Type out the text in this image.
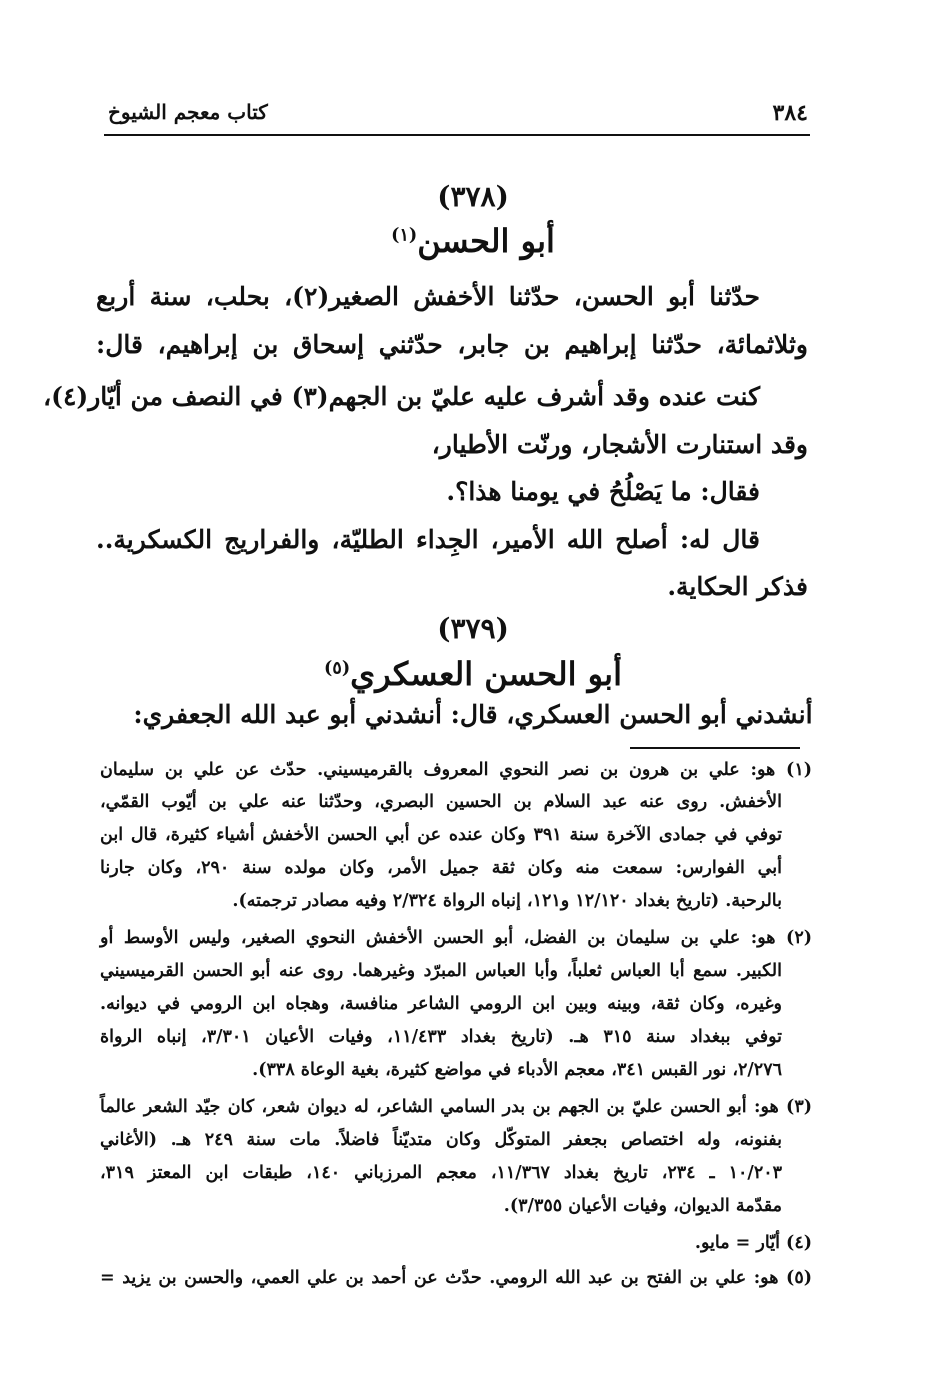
٣٨٤
كتاب معجم الشيوخ
(٣٧٨)
أبو الحسن$^{(١)}$
حدّثنا أبو الحسن، حدّثنا الأخفش الصغير(٢)، بحلب، سنة أربع
وثلاثمائة، حدّثنا إبراهيم بن جابر، حدّثني إسحاق بن إبراهيم، قال:
كنت عنده وقد أشرف عليه عليّ بن الجهم(٣) في النصف من أيّار(٤)،
وقد استنارت الأشجار، ورنّت الأطيار،
فقال: ما يَصْلُحُ في يومنا هذا؟.
قال له: أصلح الله الأمير، الجِداء الطليّة، والفراريج الكسكرية..
فذكر الحكاية.
(٣٧٩)
أبو الحسن العسكري$^{(٥)}$
أنشدني أبو الحسن العسكري، قال: أنشدني أبو عبد الله الجعفري:
(١) هو: علي بن هرون بن نصر النحوي المعروف بالقرميسيني. حدّث عن علي بن سليمان
الأخفش. روى عنه عبد السلام بن الحسين البصري، وحدّثنا عنه علي بن أيّوب القمّي،
توفي في جمادى الآخرة سنة ٣٩١ وكان عنده عن أبي الحسن الأخفش أشياء كثيرة، قال ابن
أبي الفوارس: سمعت منه وكان ثقة جميل الأمر، وكان مولده سنة ٢٩٠، وكان جارنا
بالرحبة. (تاريخ بغداد ١٢/١٢٠ و١٢١، إنباه الرواة ٢/٣٢٤ وفيه مصادر ترجمته).
(٢) هو: علي بن سليمان بن الفضل، أبو الحسن الأخفش النحوي الصغير، وليس الأوسط أو
الكبير. سمع أبا العباس ثعلباً، وأبا العباس المبرّد وغيرهما. روى عنه أبو الحسن القرميسيني
وغيره، وكان ثقة، وبينه وبين ابن الرومي الشاعر منافسة، وهجاه ابن الرومي في ديوانه.
توفي ببغداد سنة ٣١٥ هـ. (تاريخ بغداد ١١/٤٣٣، وفيات الأعيان ٣/٣٠١، إنباه الرواة
٢/٢٧٦، نور القبس ٣٤١، معجم الأدباء في مواضع كثيرة، بغية الوعاة ٣٣٨).
(٣) هو: أبو الحسن عليّ بن الجهم بن بدر السامي الشاعر، له ديوان شعر، كان جيّد الشعر عالماً
بفنونه، وله اختصاص بجعفر المتوكّل وكان متديّناً فاضلاً. مات سنة ٢٤٩ هـ. (الأغاني
١٠/٢٠٣ ـ ٢٣٤، تاريخ بغداد ١١/٣٦٧، معجم المرزباني ١٤٠، طبقات ابن المعتز ٣١٩،
مقدّمة الديوان، وفيات الأعيان ٣/٣٥٥).
(٤) أيّار = مايو.
(٥) هو: علي بن الفتح بن عبد الله الرومي. حدّث عن أحمد بن علي العمي، والحسن بن يزيد =
